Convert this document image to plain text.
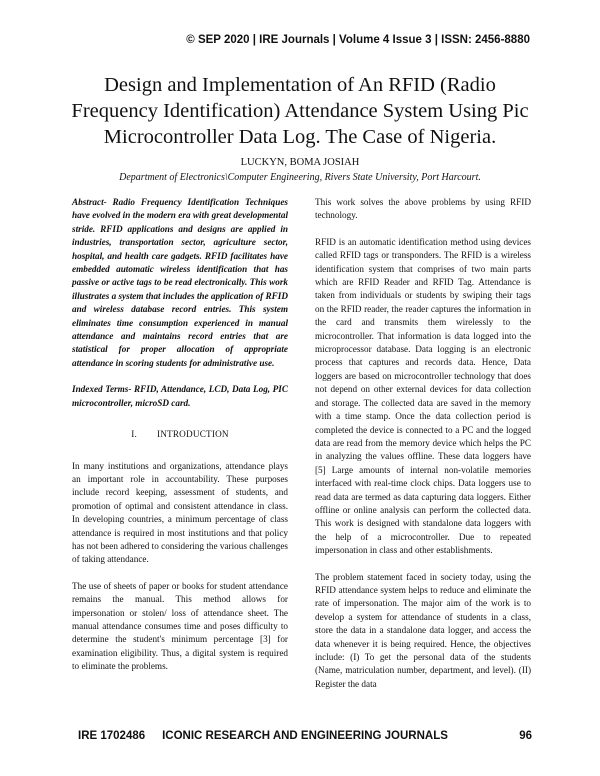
© SEP 2020 | IRE Journals | Volume 4 Issue 3 | ISSN: 2456-8880
Design and Implementation of An RFID (Radio Frequency Identification) Attendance System Using Pic Microcontroller Data Log. The Case of Nigeria.
LUCKYN, BOMA JOSIAH
Department of Electronics\Computer Engineering, Rivers State University, Port Harcourt.

Abstract- Radio Frequency Identification Techniques have evolved in the modern era with great developmental stride. RFID applications and designs are applied in industries, transportation sector, agriculture sector, hospital, and health care gadgets. RFID facilitates have embedded automatic wireless identification that has passive or active tags to be read electronically. This work illustrates a system that includes the application of RFID and wireless database record entries. This system eliminates time consumption experienced in manual attendance and maintains record entries that are statistical for proper allocation of appropriate attendance in scoring students for administrative use.

Indexed Terms- RFID, Attendance, LCD, Data Log, PIC microcontroller, microSD card.

I.        INTRODUCTION

In many institutions and organizations, attendance plays an important role in accountability. These purposes include record keeping, assessment of students, and promotion of optimal and consistent attendance in class. In developing countries, a minimum percentage of class attendance is required in most institutions and that policy has not been adhered to considering the various challenges of taking attendance.

The use of sheets of paper or books for student attendance remains the manual. This method allows for impersonation or stolen/ loss of attendance sheet. The manual attendance consumes time and poses difficulty to determine the student's minimum percentage [3] for examination eligibility. Thus, a digital system is required to eliminate the problems.

This work solves the above problems by using RFID technology.

RFID is an automatic identification method using devices called RFID tags or transponders. The RFID is a wireless identification system that comprises of two main parts which are RFID Reader and RFID Tag. Attendance is taken from individuals or students by swiping their tags on the RFID reader, the reader captures the information in the card and transmits them wirelessly to the microcontroller. That information is data logged into the microprocessor database. Data logging is an electronic process that captures and records data. Hence, Data loggers are based on microcontroller technology that does not depend on other external devices for data collection and storage. The collected data are saved in the memory with a time stamp. Once the data collection period is completed the device is connected to a PC and the logged data are read from the memory device which helps the PC in analyzing the values offline. These data loggers have [5] Large amounts of internal non-volatile memories interfaced with real-time clock chips. Data loggers use to read data are termed as data capturing data loggers. Either offline or online analysis can perform the collected data. This work is designed with standalone data loggers with the help of a microcontroller. Due to repeated impersonation in class and other establishments.

The problem statement faced in society today, using the RFID attendance system helps to reduce and eliminate the rate of impersonation. The major aim of the work is to develop a system for attendance of students in a class, store the data in a standalone data logger, and access the data whenever it is being required. Hence, the objectives include: (I) To get the personal data of the students (Name, matriculation number, department, and level). (II) Register the data

IRE 1702486	ICONIC RESEARCH AND ENGINEERING JOURNALS	96
